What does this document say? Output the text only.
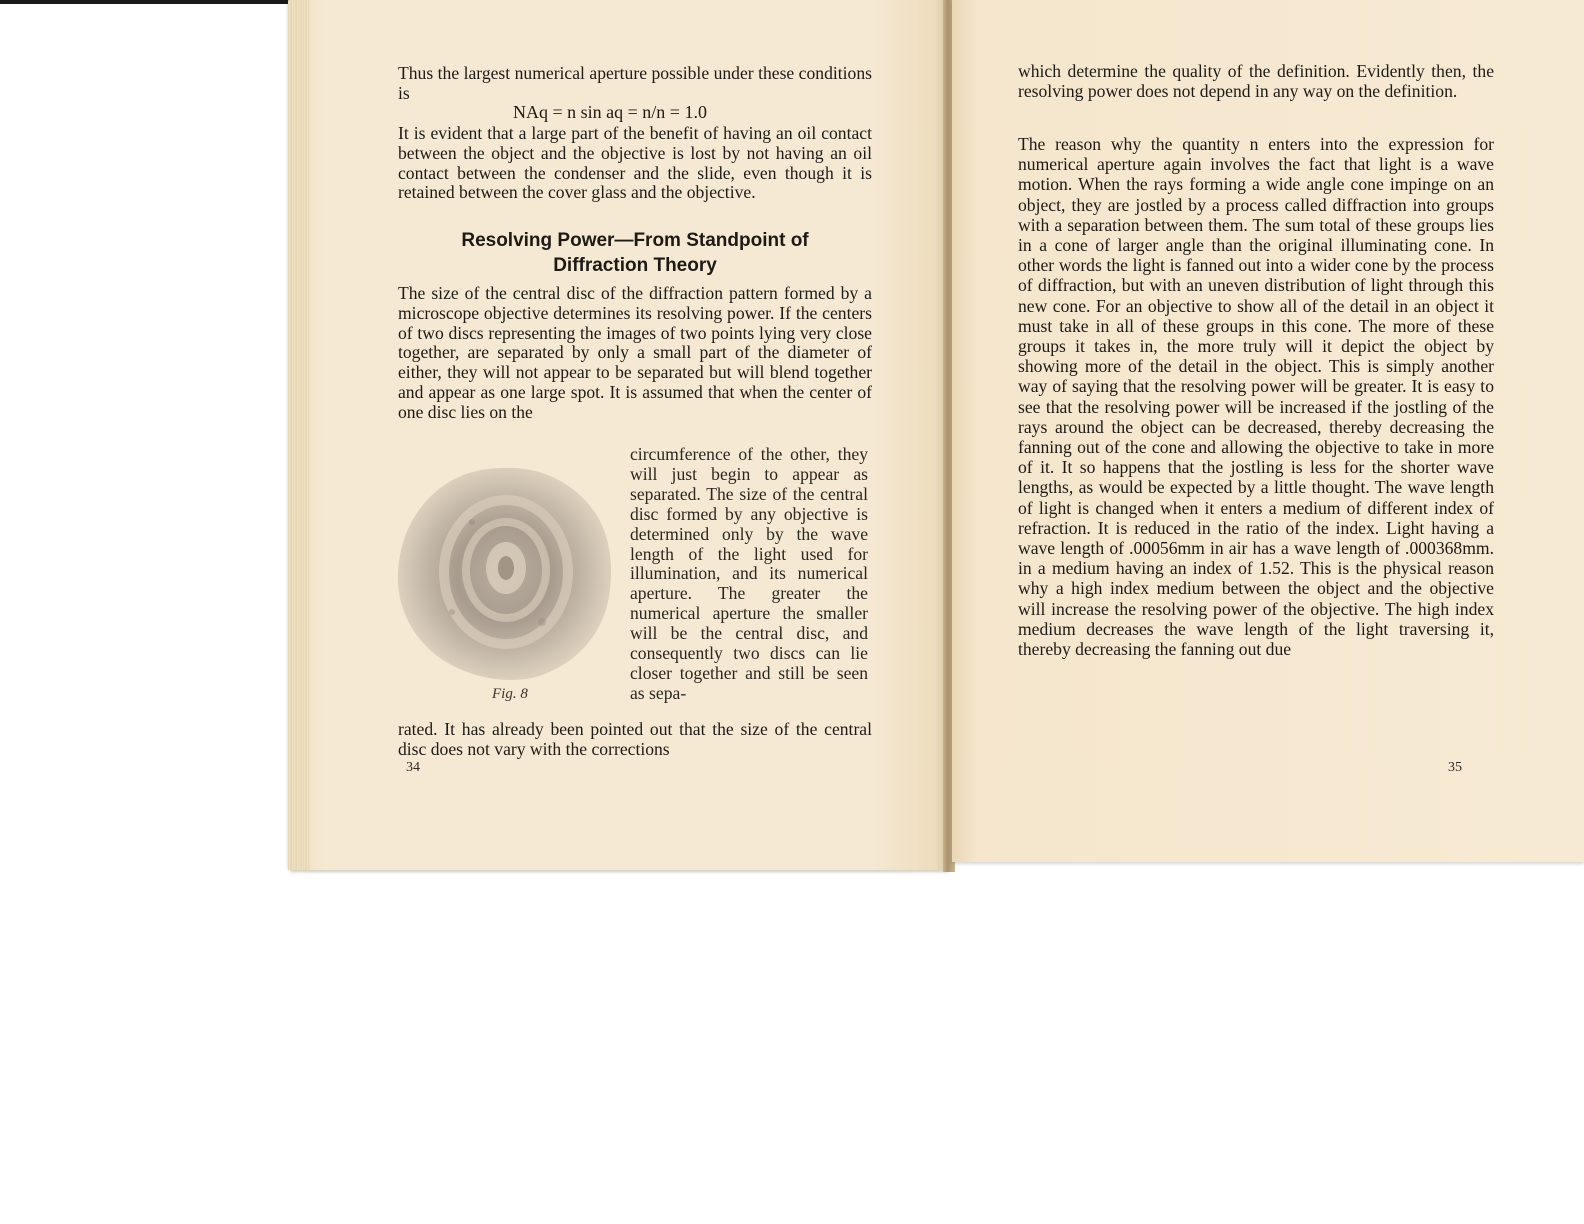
Thus the largest numerical aperture possible under these conditions is

NAq = n sin aq = n/n = 1.0

It is evident that a large part of the benefit of having an oil contact between the object and the objective is lost by not having an oil contact between the condenser and the slide, even though it is retained between the cover glass and the objective.

Resolving Power—From Standpoint of
Diffraction Theory

The size of the central disc of the diffraction pattern formed by a microscope objective determines its resolving power. If the centers of two discs representing the images of two points lying very close together, are separated by only a small part of the diameter of either, they will not appear to be separated but will blend together and appear as one large spot. It is assumed that when the center of one disc lies on the

Fig. 8

circumference of the other, they will just begin to appear as separated. The size of the central disc formed by any objective is determined only by the wave length of the light used for illumination, and its numerical aperture. The greater the numerical aperture the smaller will be the central disc, and consequently two discs can lie closer together and still be seen as sepa-

rated. It has already been pointed out that the size of the central disc does not vary with the corrections

34

which determine the quality of the definition. Evidently then, the resolving power does not depend in any way on the definition.

The reason why the quantity n enters into the expression for numerical aperture again involves the fact that light is a wave motion. When the rays forming a wide angle cone impinge on an object, they are jostled by a process called diffraction into groups with a separation between them. The sum total of these groups lies in a cone of larger angle than the original illuminating cone. In other words the light is fanned out into a wider cone by the process of diffraction, but with an uneven distribution of light through this new cone. For an objective to show all of the detail in an object it must take in all of these groups in this cone. The more of these groups it takes in, the more truly will it depict the object by showing more of the detail in the object. This is simply another way of saying that the resolving power will be greater. It is easy to see that the resolving power will be increased if the jostling of the rays around the object can be decreased, thereby decreasing the fanning out of the cone and allowing the objective to take in more of it. It so happens that the jostling is less for the shorter wave lengths, as would be expected by a little thought. The wave length of light is changed when it enters a medium of different index of refraction. It is reduced in the ratio of the index. Light having a wave length of .00056mm in air has a wave length of .000368mm. in a medium having an index of 1.52. This is the physical reason why a high index medium between the object and the objective will increase the resolving power of the objective. The high index medium decreases the wave length of the light traversing it, thereby decreasing the fanning out due

35
